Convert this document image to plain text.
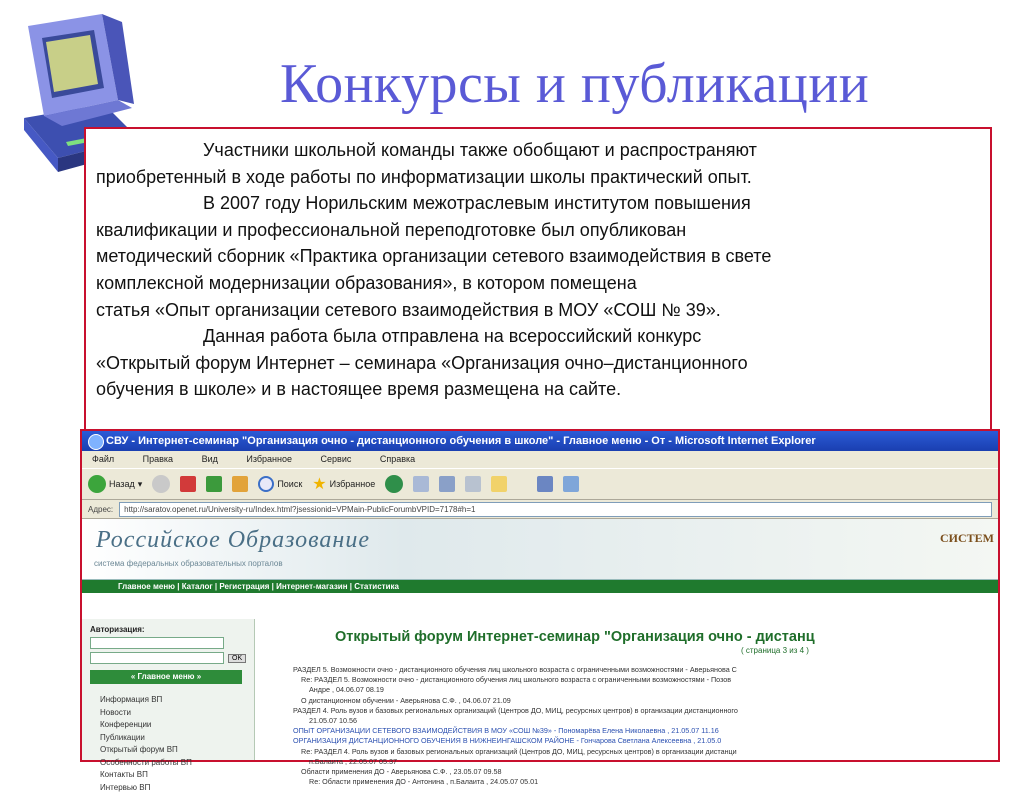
Конкурсы и публикации

Участники школьной команды также обобщают и распространяют
приобретенный в ходе работы по информатизации школы практический опыт.

В 2007 году Норильским межотраслевым институтом повышения
квалификации и профессиональной переподготовке был опубликован
методический сборник «Практика организации сетевого взаимодействия в свете
комплексной модернизации образования», в котором помещена
статья «Опыт организации сетевого взаимодействия в МОУ «СОШ № 39».

Данная работа была отправлена на всероссийский конкурс
«Открытый форум Интернет – семинара «Организация очно–дистанционного
обучения в школе» и в настоящее время размещена на сайте.

СВУ - Интернет-семинар "Организация очно - дистанционного обучения в школе" - Главное меню - От - Microsoft Internet Explorer
Файл	Правка	Вид	Избранное	Сервис	Справка
Назад ▾	Поиск ★ Избранное
Адрес:	http://saratov.openet.ru/University-ru/Index.html?jsessionid=VPMain-PublicForumbVPID=7178#h=1
Российское Образование
система федеральных образовательных порталов
СИСТЕМ
Главное меню | Каталог | Регистрация | Интернет-магазин | Статистика
Авторизация:
OK
« Главное меню »
Информация ВП
Новости
Конференции
Публикации
Открытый форум ВП
Особенности работы ВП
Контакты ВП
Интервью ВП
Открытый форум Интернет-семинар "Организация очно - дистанц
( страница 3 из 4 )
РАЗДЕЛ 5. Возможности очно - дистанционного обучения лиц школьного возраста с ограниченными возможностями - Аверьянова С
Re: РАЗДЕЛ 5. Возможности очно - дистанционного обучения лиц школьного возраста с ограниченными возможностями - Позов
Андре , 04.06.07 08.19
О дистанционном обучении - Аверьянова С.Ф. , 04.06.07 21.09
РАЗДЕЛ 4. Роль вузов и базовых региональных организаций (Центров ДО, МИЦ, ресурсных центров) в организации дистанционного
21.05.07 10.56
ОПЫТ ОРГАНИЗАЦИИ СЕТЕВОГО ВЗАИМОДЕЙСТВИЯ В МОУ «СОШ №39» - Пономарёва Елена Николаевна , 21.05.07 11.16
ОРГАНИЗАЦИЯ ДИСТАНЦИОННОГО ОБУЧЕНИЯ В НИЖНЕИНГАШСКОМ РАЙОНЕ - Гончарова Светлана Алексеевна , 21.05.0
Re: РАЗДЕЛ 4. Роль вузов и базовых региональных организаций (Центров ДО, МИЦ, ресурсных центров) в организации дистанци
п.Балаита , 22.05.07 05.37
Области применения ДО - Аверьянова С.Ф. , 23.05.07 09.58
Re: Области применения ДО - Антонина , п.Балаита , 24.05.07 05.01
